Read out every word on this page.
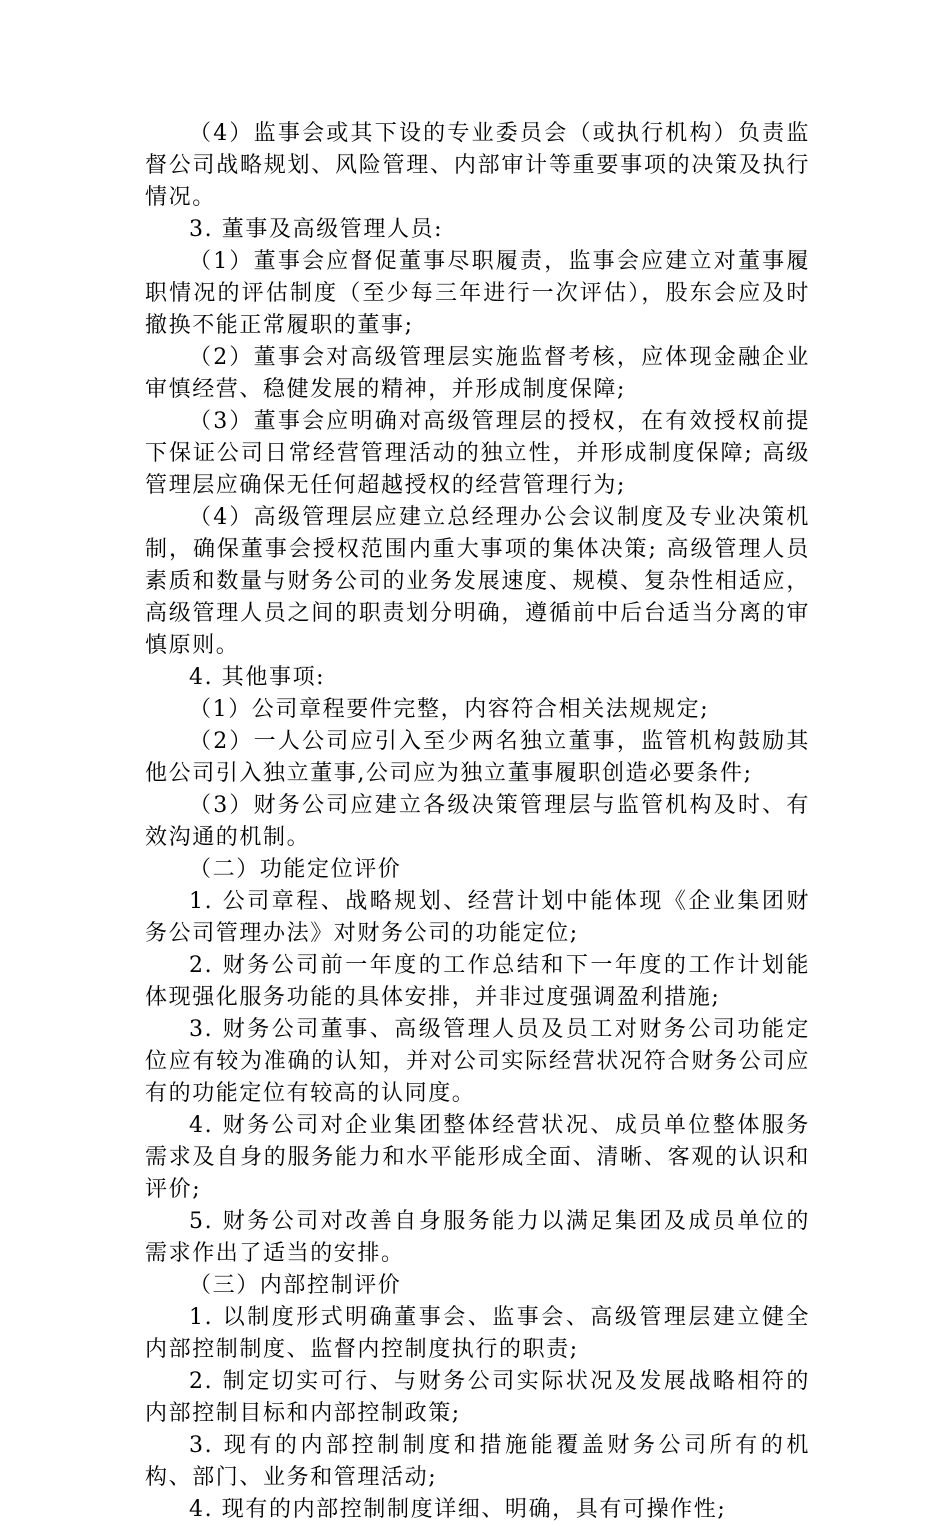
（4）监事会或其下设的专业委员会（或执行机构）负责监督公司战略规划、风险管理、内部审计等重要事项的决策及执行情况。

3. 董事及高级管理人员:

（1）董事会应督促董事尽职履责，监事会应建立对董事履职情况的评估制度（至少每三年进行一次评估），股东会应及时撤换不能正常履职的董事;

（2）董事会对高级管理层实施监督考核，应体现金融企业审慎经营、稳健发展的精神，并形成制度保障;

（3）董事会应明确对高级管理层的授权，在有效授权前提下保证公司日常经营管理活动的独立性，并形成制度保障; 高级管理层应确保无任何超越授权的经营管理行为;

（4）高级管理层应建立总经理办公会议制度及专业决策机制，确保董事会授权范围内重大事项的集体决策; 高级管理人员素质和数量与财务公司的业务发展速度、规模、复杂性相适应，高级管理人员之间的职责划分明确，遵循前中后台适当分离的审慎原则。

4. 其他事项:

（1）公司章程要件完整，内容符合相关法规规定;

（2）一人公司应引入至少两名独立董事，监管机构鼓励其他公司引入独立董事,公司应为独立董事履职创造必要条件;

（3）财务公司应建立各级决策管理层与监管机构及时、有效沟通的机制。

（二）功能定位评价

1. 公司章程、战略规划、经营计划中能体现《企业集团财务公司管理办法》对财务公司的功能定位;

2. 财务公司前一年度的工作总结和下一年度的工作计划能体现强化服务功能的具体安排，并非过度强调盈利措施;

3. 财务公司董事、高级管理人员及员工对财务公司功能定位应有较为准确的认知，并对公司实际经营状况符合财务公司应有的功能定位有较高的认同度。

4. 财务公司对企业集团整体经营状况、成员单位整体服务需求及自身的服务能力和水平能形成全面、清晰、客观的认识和评价;

5. 财务公司对改善自身服务能力以满足集团及成员单位的需求作出了适当的安排。

（三）内部控制评价

1. 以制度形式明确董事会、监事会、高级管理层建立健全内部控制制度、监督内控制度执行的职责;

2. 制定切实可行、与财务公司实际状况及发展战略相符的内部控制目标和内部控制政策;

3. 现有的内部控制制度和措施能覆盖财务公司所有的机构、部门、业务和管理活动;

4. 现有的内部控制制度详细、明确，具有可操作性;
